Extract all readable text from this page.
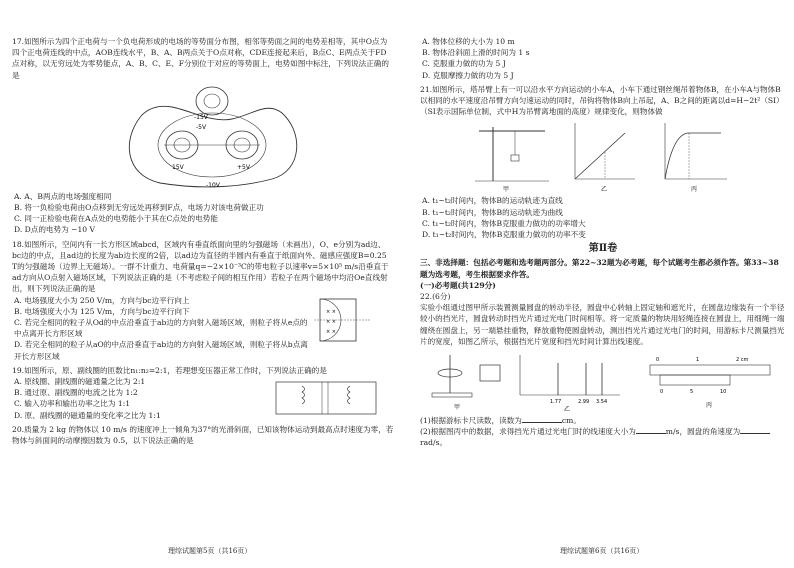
17.如图所示为四个正电荷与一个负电荷形成的电场的等势面分布图，相邻等势面之间的电势差相等，其中O点为四个正电荷连线的中点，AOB连线水平，B、A、B两点关于O点对称，CDE连接起来后，B点C、E两点关于FD点对称，以无穷远处为零势能点，A、B、C、E、F分别位于对应的等势面上，电势如图中标注，下列说法正确的是

-15V
-5V
15V	+5V
-10V

A. A、B两点的电场强度相同

B. 将一负检验电荷由O点移到无穷远处再移到F点，电场力对该电荷做正功

C. 同一正检验电荷在A点处的电势能小于其在C点处的电势能

D. D点的电势为 −10 V

18.如图所示，空间内有一长方形区域abcd，区域内有垂直纸面向里的匀强磁场（未画出），O、e分别为ad边、bc边的中点，且ad边的长度为ab边长度的2倍，以ad边为直径的半圆内有垂直于纸面向外、磁感应强度B=0.25 T的匀强磁场（边界上无磁场）。一群不计重力、电荷量q=−2×10⁻³C的带电粒子以速率v=5×10⁵ m/s沿垂直于ad方向从O点射入磁场区域，下列说法正确的是（不考虑粒子间的相互作用）若粒子在两个磁场中均沿Oe直线射出，则下列说法正确的是

A. 电场强度大小为 250 V/m，方向与bc边平行向上

B. 电场强度大小为 125 V/m，方向与bc边平行向下

C. 若完全相同的粒子从Od的中点沿垂直于ab边的方向射入磁场区域，则粒子将从e点的中点离开长方形区域

D. 若完全相同的粒子从aO的中点沿垂直于ab边的方向射入磁场区域，则粒子将从b点离开长方形区域

× ×
× ×
× ×

19.如图所示，原、副线圈的匝数比n₁:n₂=2:1，若理想变压器正常工作时，下列说法正确的是

A. 原线圈、副线圈的磁通量之比为 2:1

B. 通过原、副线圈的电流之比为 1:2

C. 输入功率和输出功率之比为 1:1

D. 原、副线圈的磁通量的变化率之比为 1:1

20.质量为 2 kg 的物体以 10 m/s 的速度冲上一倾角为37°的光滑斜面，已知该物体运动到最高点时速度为零，若物体与斜面间的动摩擦因数为 0.5，以下说法正确的是

理综试题第5页（共16页）

A. 物体位移的大小为 10 m

B. 物体沿斜面上滑的时间为 1 s

C. 克服重力做的功为 5 J

D. 克服摩擦力做的功为 5 J

21.如图所示，塔吊臂上有一可以沿水平方向运动的小车A，小车下通过钢丝绳吊着物体B，在小车A与物体B以相同的水平速度沿吊臂方向匀速运动的同时，吊钩将物体B向上吊起，A、B之间的距离以d=H−2t²（SI）（SI表示国际单位制，式中H为吊臂离地面的高度）规律变化，则物体做

甲	乙	丙

A. t₁~t₂时间内，物体B的运动轨迹为直线

B. t₁~t₂时间内，物体B的运动轨迹为曲线

C. t₁~t₂时间内，物体B克服重力做功的功率增大

D. t₁~t₂时间内，物体B克服重力做功的功率不变

第Ⅱ卷

三、非选择题：包括必考题和选考题两部分。第22~32题为必考题，每个试题考生都必须作答。第33~38题为选考题，考生根据要求作答。

(一)必考题(共129分)

22.(6分)

实验小组通过图甲所示装置测量圆盘的转动半径，圆盘中心转轴上固定轴和遮光片，在圆盘边缘装有一个半径较小的挡光片，圆盘转动时挡光片通过光电门时间相等。将一定质量的物块用轻绳连接在圆盘上，用细绳一端缠绕在圆盘上，另一端悬挂重物，释放重物使圆盘转动，测出挡光片通过光电门的时间，用游标卡尺测量挡光片的宽度，如图乙所示，根据挡光片宽度和挡光时间计算出线速度。

甲
1.77	2.99 3.54
乙
0	1	2 cm
0	5	10
丙

(1)根据游标卡尺读数，读数为	cm。

(2)根据图丙中的数据，求得挡光片通过光电门时的线速度大小为	m/s，圆盘的角速度为rad/s。

理综试题第6页（共16页）
